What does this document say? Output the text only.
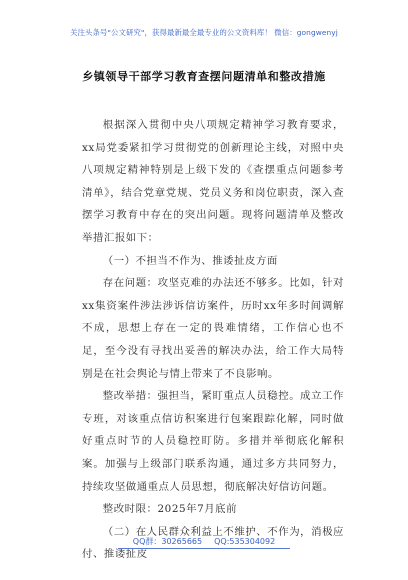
关注头条号"公文研究"，获得最新最全最专业的公文资料库！ 微信：gongwenyj
乡镇领导干部学习教育查摆问题清单和整改措施

根据深入贯彻中央八项规定精神学习教育要求，xx局党委紧扣学习贯彻党的创新理论主线，对照中央八项规定精神特别是上级下发的《查摆重点问题参考清单》，结合党章党规、党员义务和岗位职责，深入查摆学习教育中存在的突出问题。现将问题清单及整改举措汇报如下：

（一）不担当不作为、推诿扯皮方面

存在问题：攻坚克难的办法还不够多。比如，针对xx集资案件涉法涉诉信访案件，历时xx年多时间调解不成，思想上存在一定的畏难情绪，工作信心也不足，至今没有寻找出妥善的解决办法，给工作大局特别是在社会舆论与情上带来了不良影响。

整改举措：强担当，紧盯重点人员稳控。成立工作专班，对该重点信访积案进行包案跟踪化解，同时做好重点时节的人员稳控盯防。多措并举彻底化解积案。加强与上级部门联系沟通，通过多方共同努力，持续攻坚做通重点人员思想，彻底解决好信访问题。

整改时限：2025年7月底前

（二）在人民群众利益上不维护、不作为，消极应付、推诿扯皮

QQ群：30265665 QQ:535304092
